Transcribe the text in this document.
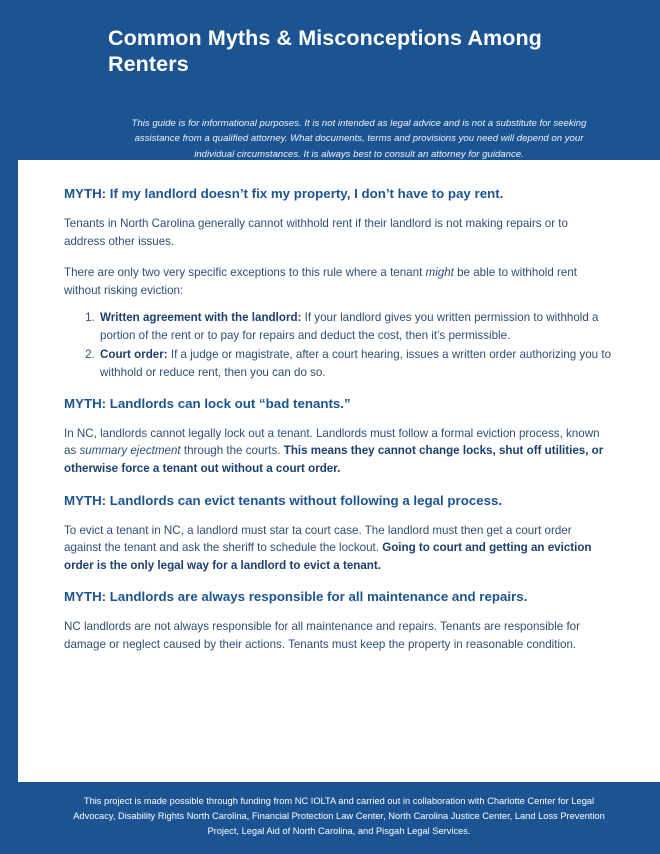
Common Myths & Misconceptions Among Renters

This guide is for informational purposes. It is not intended as legal advice and is not a substitute for seeking assistance from a qualified attorney. What documents, terms and provisions you need will depend on your individual circumstances. It is always best to consult an attorney for guidance.

MYTH: If my landlord doesn’t fix my property, I don’t have to pay rent.

Tenants in North Carolina generally cannot withhold rent if their landlord is not making repairs or to address other issues.

There are only two very specific exceptions to this rule where a tenant might be able to withhold rent without risking eviction:

1. Written agreement with the landlord: If your landlord gives you written permission to withhold a portion of the rent or to pay for repairs and deduct the cost, then it’s permissible.
2. Court order: If a judge or magistrate, after a court hearing, issues a written order authorizing you to withhold or reduce rent, then you can do so.
MYTH: Landlords can lock out “bad tenants.”

In NC, landlords cannot legally lock out a tenant. Landlords must follow a formal eviction process, known as summary ejectment through the courts. This means they cannot change locks, shut off utilities, or otherwise force a tenant out without a court order.

MYTH: Landlords can evict tenants without following a legal process.

To evict a tenant in NC, a landlord must star ta court case. The landlord must then get a court order against the tenant and ask the sheriff to schedule the lockout. Going to court and getting an eviction order is the only legal way for a landlord to evict a tenant.

MYTH: Landlords are always responsible for all maintenance and repairs.

NC landlords are not always responsible for all maintenance and repairs. Tenants are responsible for damage or neglect caused by their actions. Tenants must keep the property in reasonable condition.

This project is made possible through funding from NC IOLTA and carried out in collaboration with Charlotte Center for Legal Advocacy, Disability Rights North Carolina, Financial Protection Law Center, North Carolina Justice Center, Land Loss Prevention Project, Legal Aid of North Carolina, and Pisgah Legal Services.
